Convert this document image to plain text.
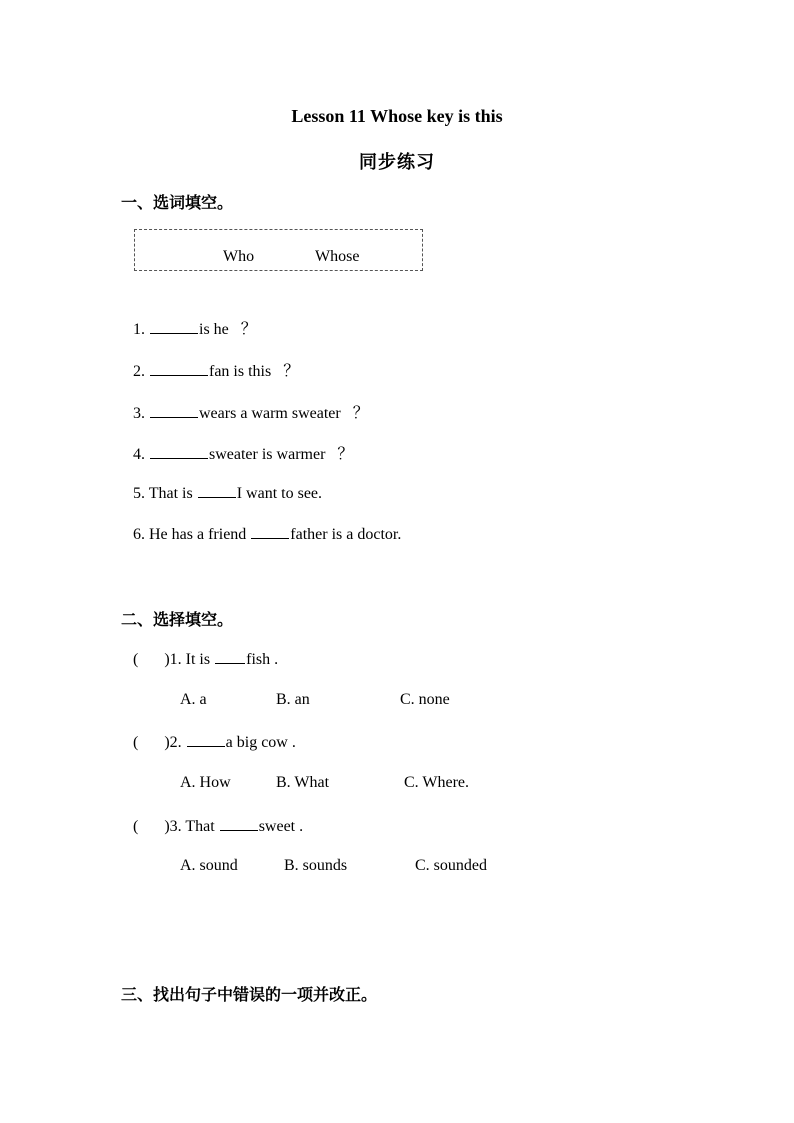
Lesson 11 Whose key is this
同步练习
一、选词填空。
Who	Whose
1.	is he ？
2.	fan is this ？
3.	wears a warm sweater ？
4.	sweater is warmer ？
5. That is	I want to see.
6. He has a friend	father is a doctor.
二、选择填空。
( )1. It is fish .
A. a	B. an	C. none
( )2.	a big cow .
A. How	B. What	C. Where.
( )3. That	sweet .
A. sound	B. sounds	C. sounded
三、找出句子中错误的一项并改正。
